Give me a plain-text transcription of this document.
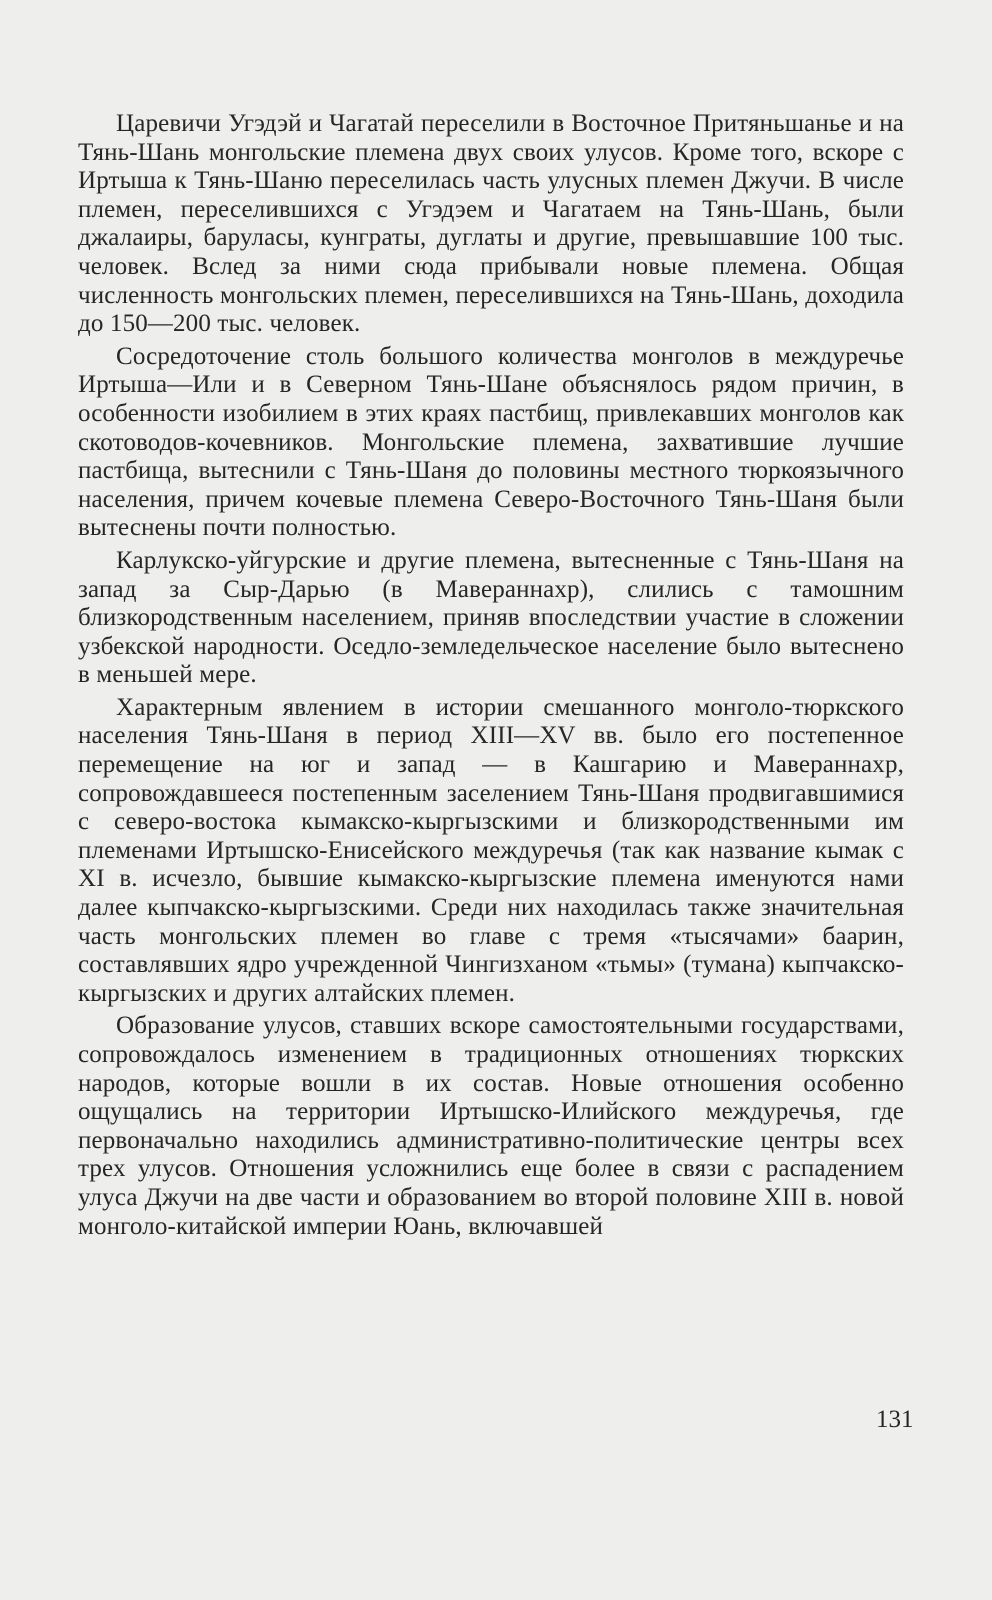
Царевичи Угэдэй и Чагатай переселили в Восточное Притяньшанье и на Тянь-Шань монгольские племена двух своих улусов. Кроме того, вскоре с Иртыша к Тянь-Шаню переселилась часть улусных племен Джучи. В числе племен, переселившихся с Угэдэем и Чагатаем на Тянь-Шань, были джалаиры, баруласы, кунграты, дуглаты и другие, превышавшие 100 тыс. человек. Вслед за ними сюда прибывали новые племена. Общая численность монгольских племен, переселившихся на Тянь-Шань, доходила до 150—200 тыс. человек.

Сосредоточение столь большого количества монголов в междуречье Иртыша—Или и в Северном Тянь-Шане объяснялось рядом причин, в особенности изобилием в этих краях пастбищ, привлекавших монголов как скотоводов-кочевников. Монгольские племена, захватившие лучшие пастбища, вытеснили с Тянь-Шаня до половины местного тюркоязычного населения, причем кочевые племена Северо-Восточного Тянь-Шаня были вытеснены почти полностью.

Карлукско-уйгурские и другие племена, вытесненные с Тянь-Шаня на запад за Сыр-Дарью (в Мавераннахр), слились с тамошним близкородственным населением, приняв впоследствии участие в сложении узбекской народности. Оседло-земледельческое население было вытеснено в меньшей мере.

Характерным явлением в истории смешанного монголо-тюркского населения Тянь-Шаня в период XIII—XV вв. было его постепенное перемещение на юг и запад — в Кашгарию и Мавераннахр, сопровождавшееся постепенным заселением Тянь-Шаня продвигавшимися с северо-востока кымакско-кыргызскими и близкородственными им племенами Иртышско-Енисейского междуречья (так как название кымак с XI в. исчезло, бывшие кымакско-кыргызские племена именуются нами далее кыпчакско-кыргызскими. Среди них находилась также значительная часть монгольских племен во главе с тремя «тысячами» баарин, составлявших ядро учрежденной Чингизханом «тьмы» (тумана) кыпчакско-кыргызских и других алтайских племен.

Образование улусов, ставших вскоре самостоятельными государствами, сопровождалось изменением в традиционных отношениях тюркских народов, которые вошли в их состав. Новые отношения особенно ощущались на территории Иртышско-Илийского междуречья, где первоначально находились административно-политические центры всех трех улусов. Отношения усложнились еще более в связи с распадением улуса Джучи на две части и образованием во второй половине XIII в. новой монголо-китайской империи Юань, включавшей

131
